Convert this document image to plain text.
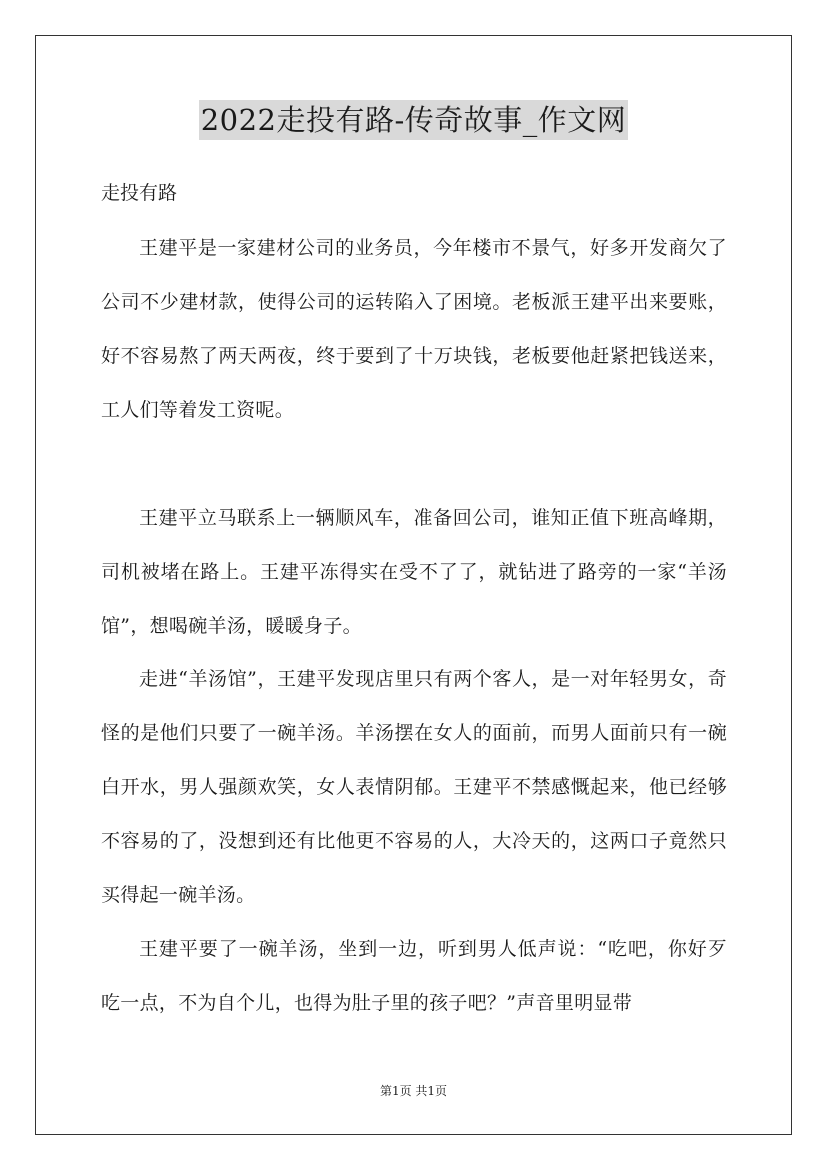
2022走投有路-传奇故事_作文网
走投有路

王建平是一家建材公司的业务员，今年楼市不景气，好多开发商欠了公司不少建材款，使得公司的运转陷入了困境。老板派王建平出来要账，好不容易熬了两天两夜，终于要到了十万块钱，老板要他赶紧把钱送来，工人们等着发工资呢。

王建平立马联系上一辆顺风车，准备回公司，谁知正值下班高峰期，司机被堵在路上。王建平冻得实在受不了了，就钻进了路旁的一家“羊汤馆”，想喝碗羊汤，暖暖身子。

走进“羊汤馆”，王建平发现店里只有两个客人，是一对年轻男女，奇怪的是他们只要了一碗羊汤。羊汤摆在女人的面前，而男人面前只有一碗白开水，男人强颜欢笑，女人表情阴郁。王建平不禁感慨起来，他已经够不容易的了，没想到还有比他更不容易的人，大冷天的，这两口子竟然只买得起一碗羊汤。

王建平要了一碗羊汤，坐到一边，听到男人低声说：“吃吧，你好歹吃一点，不为自个儿，也得为肚子里的孩子吧？”声音里明显带

第1页 共1页
